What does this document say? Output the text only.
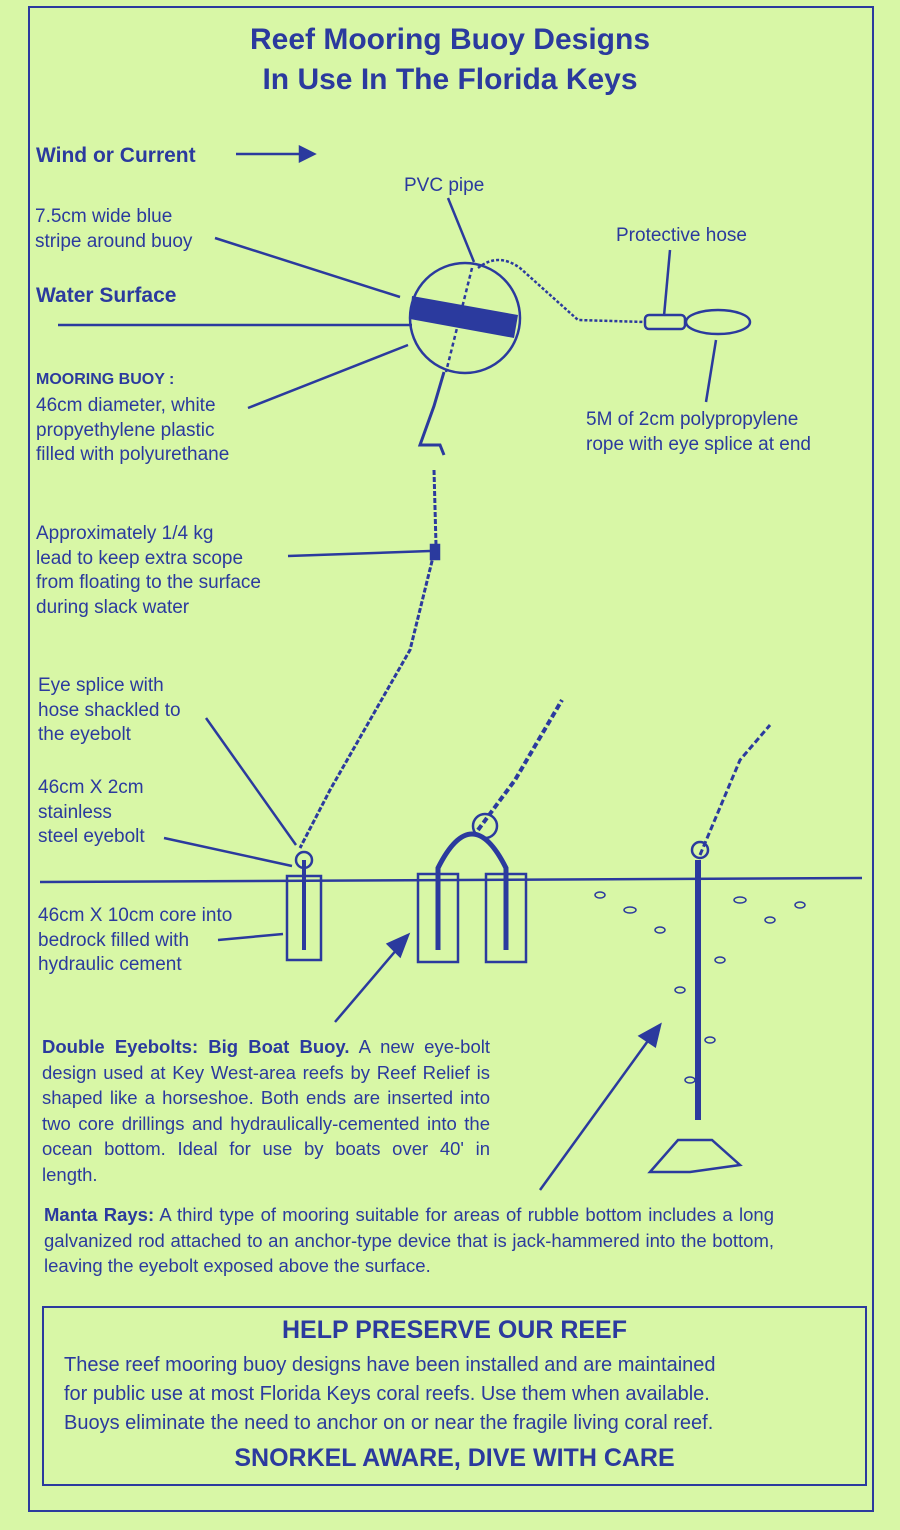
Reef Mooring Buoy Designs
In Use In The Florida Keys
Wind or Current
PVC pipe
7.5cm wide blue
stripe around buoy	Protective hose
Water Surface
MOORING BUOY :
46cm diameter, white
propyethylene plastic
filled with polyurethane
5M of 2cm polypropylene
rope with eye splice at end
Approximately 1/4 kg
lead to keep extra scope
from floating to the surface
during slack water
Eye splice with
hose shackled to
the eyebolt
46cm X 2cm
stainless
steel eyebolt
46cm X 10cm core into
bedrock filled with
hydraulic cement
Double Eyebolts: Big Boat Buoy. A new eye-bolt design used at Key West-area reefs by Reef Relief is shaped like a horseshoe. Both ends are inserted into two core drillings and hydraulically-cemented into the ocean bottom. Ideal for use by boats over 40' in length.
Manta Rays: A third type of mooring suitable for areas of rubble bottom includes a long galvanized rod attached to an anchor-type device that is jack-hammered into the bottom, leaving the eyebolt exposed above the surface.
HELP PRESERVE OUR REEF
These reef mooring buoy designs have been installed and are maintained
for public use at most Florida Keys coral reefs. Use them when available.
Buoys eliminate the need to anchor on or near the fragile living coral reef.
SNORKEL AWARE, DIVE WITH CARE
